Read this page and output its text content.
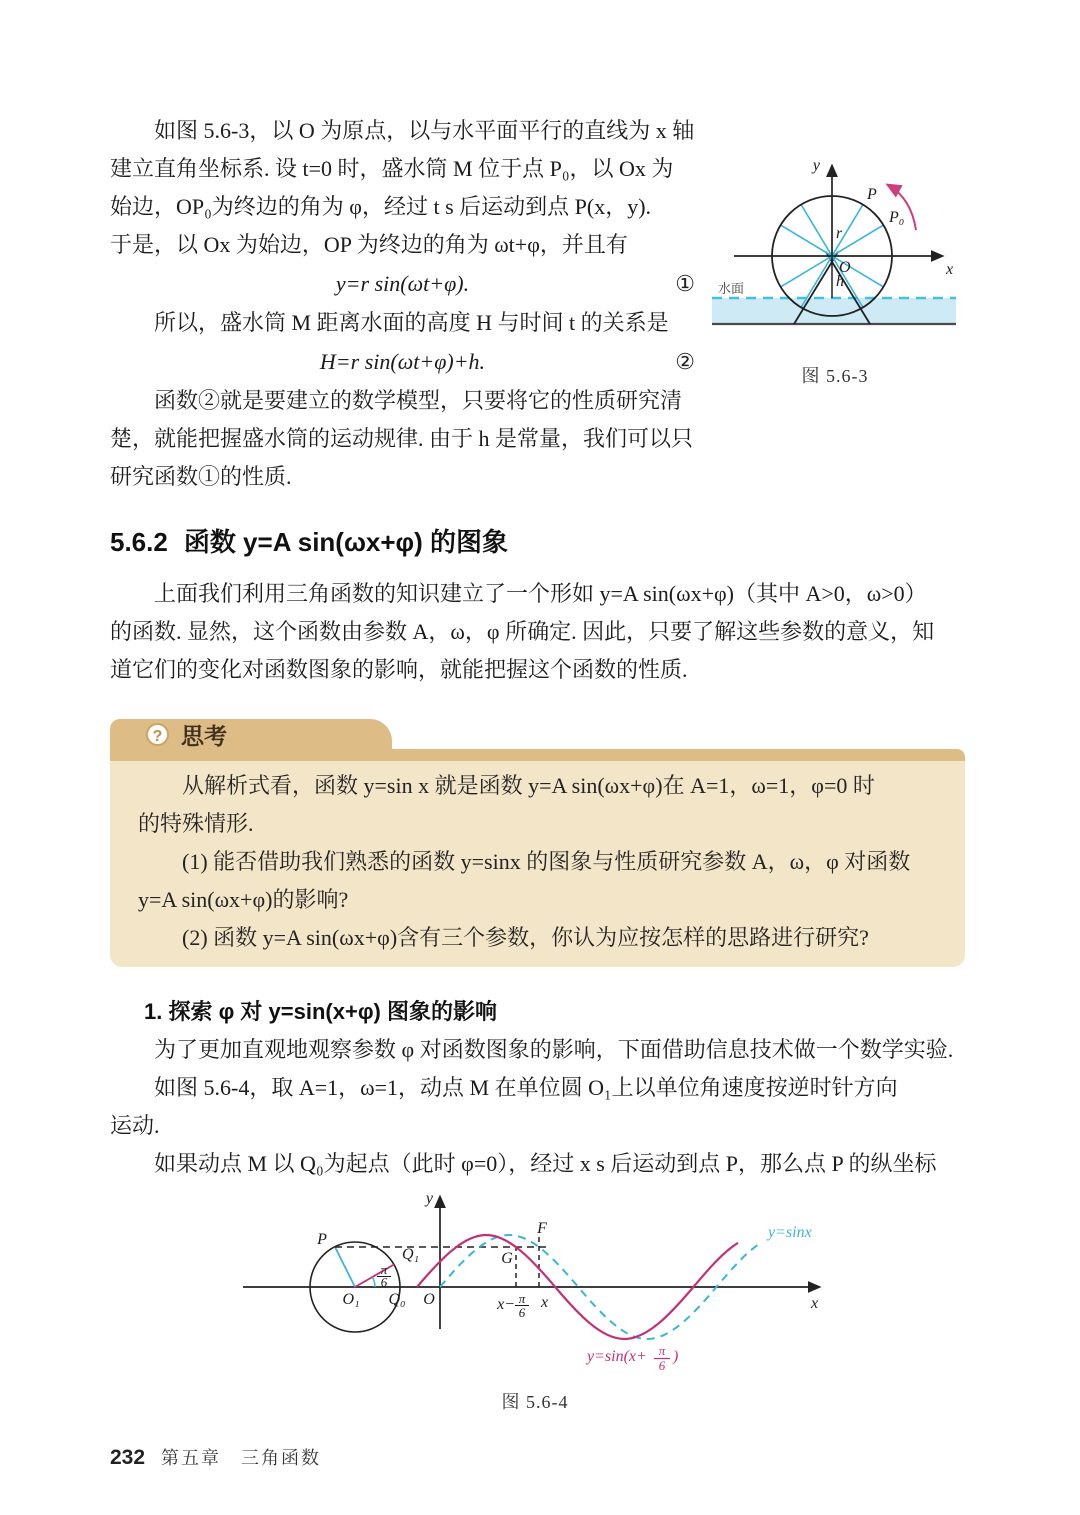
　　如图 5.6-3，以 O 为原点，以与水平面平行的直线为 x 轴
建立直角坐标系. 设 t=0 时，盛水筒 M 位于点 P₀，以 Ox 为
始边，OP₀为终边的角为 φ，经过 t s 后运动到点 P(x，y).
于是，以 Ox 为始边，OP 为终边的角为 ωt+φ，并且有
y=r sin(ωt+φ).	①
　　所以，盛水筒 M 距离水面的高度 H 与时间 t 的关系是
H=r sin(ωt+φ)+h.	②
　　函数②就是要建立的数学模型，只要将它的性质研究清
楚，就能把握盛水筒的运动规律. 由于 h 是常量，我们可以只
研究函数①的性质.
y
x
P
P₀
r
O
h
水面
图 5.6-3
5.6.2 函数 y=A sin(ωx+φ) 的图象
　　上面我们利用三角函数的知识建立了一个形如 y=A sin(ωx+φ)（其中 A>0，ω>0）
的函数. 显然，这个函数由参数 A，ω，φ 所确定. 因此，只要了解这些参数的意义，知
道它们的变化对函数图象的影响，就能把握这个函数的性质.
? 思考
　　从解析式看，函数 y=sin x 就是函数 y=A sin(ωx+φ)在 A=1，ω=1，φ=0 时
的特殊情形.
　　(1) 能否借助我们熟悉的函数 y=sinx 的图象与性质研究参数 A，ω，φ 对函数
y=A sin(ωx+φ)的影响?
　　(2) 函数 y=A sin(ωx+φ)含有三个参数，你认为应按怎样的思路进行研究?
1. 探索 φ 对 y=sin(x+φ) 图象的影响
　　为了更加直观地观察参数 φ 对函数图象的影响，下面借助信息技术做一个数学实验.
　　如图 5.6-4，取 A=1，ω=1，动点 M 在单位圆 O₁上以单位角速度按逆时针方向
运动.
　　如果动点 M 以 Q₀为起点（此时 φ=0），经过 x s 后运动到点 P，那么点 P 的纵坐标
π
6
P
Q₁
Q₀
O₁	O
G
F
y
x
x− π
6
x
y=sinx
y=sin(x+ π
6
)
图 5.6-4
232 第五章　三角函数
